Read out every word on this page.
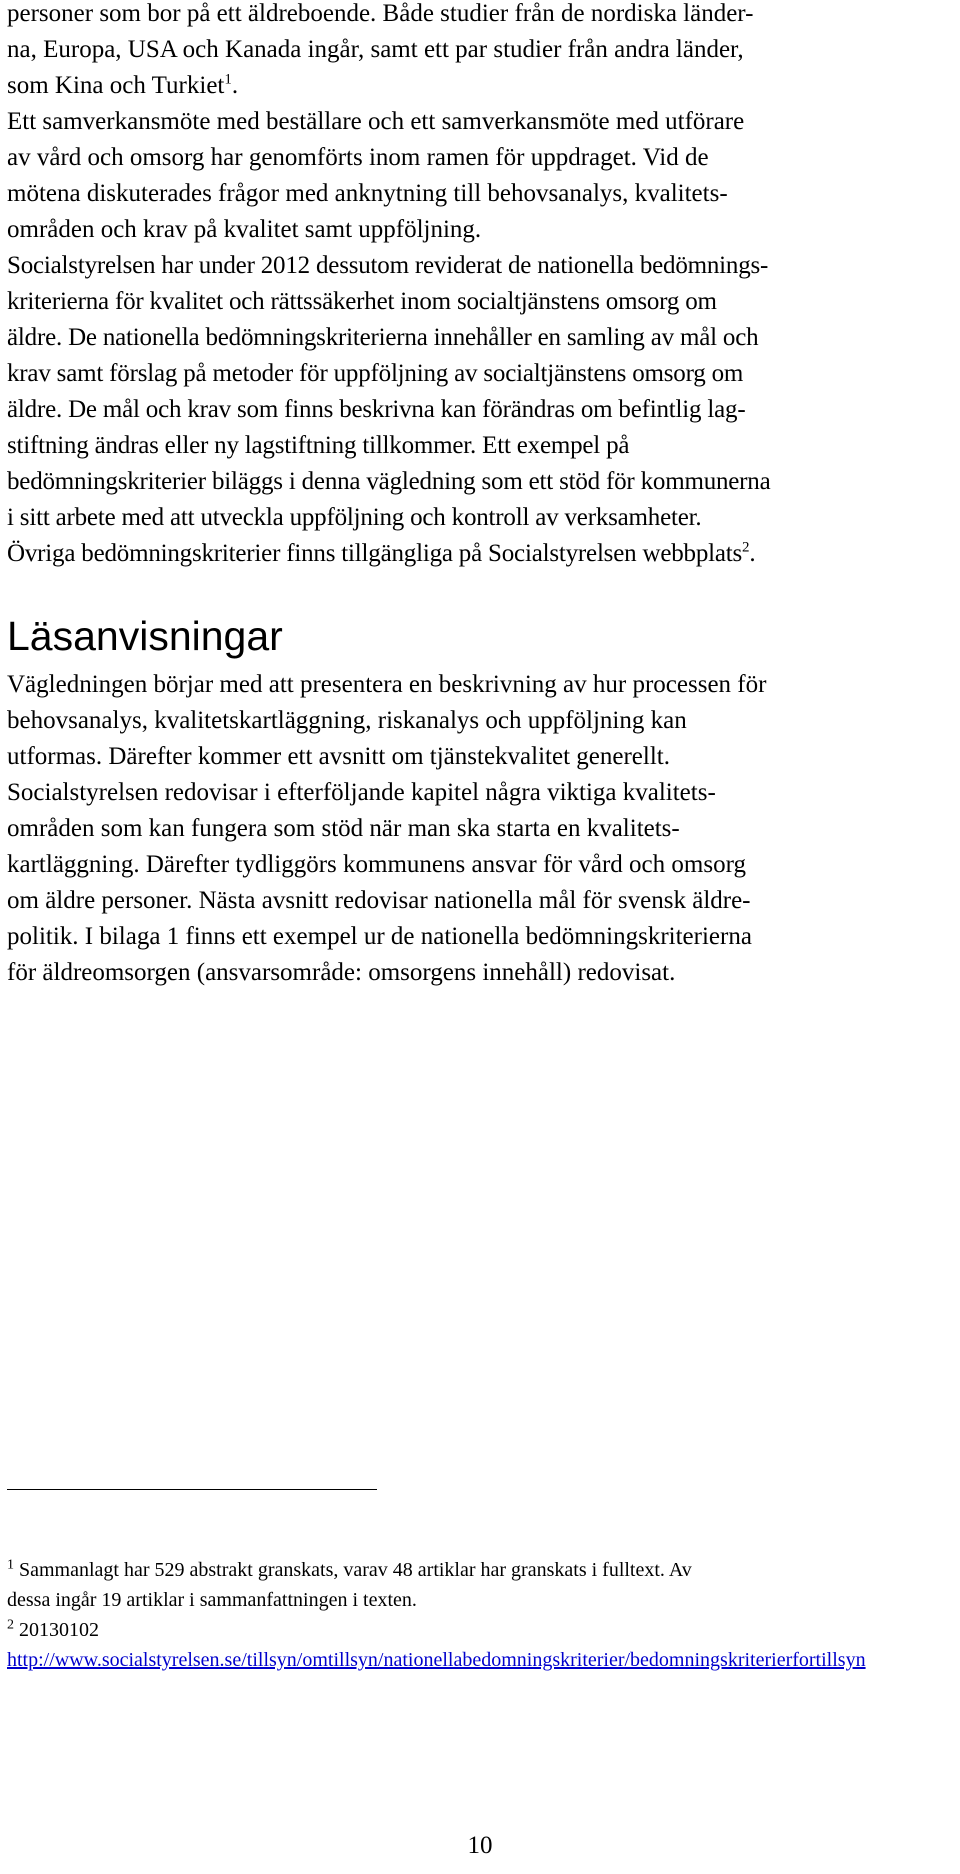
personer som bor på ett äldreboende. Både studier från de nordiska länder-
na, Europa, USA och Kanada ingår, samt ett par studier från andra länder,
som Kina och Turkiet$^1$.

Ett samverkansmöte med beställare och ett samverkansmöte med utförare
av vård och omsorg har genomförts inom ramen för uppdraget. Vid de
mötena diskuterades frågor med anknytning till behovsanalys, kvalitets-
områden och krav på kvalitet samt uppföljning.

Socialstyrelsen har under 2012 dessutom reviderat de nationella bedömnings-
kriterierna för kvalitet och rättssäkerhet inom socialtjänstens omsorg om
äldre. De nationella bedömningskriterierna innehåller en samling av mål och
krav samt förslag på metoder för uppföljning av socialtjänstens omsorg om
äldre. De mål och krav som finns beskrivna kan förändras om befintlig lag-
stiftning ändras eller ny lagstiftning tillkommer. Ett exempel på
bedömningskriterier biläggs i denna vägledning som ett stöd för kommunerna
i sitt arbete med att utveckla uppföljning och kontroll av verksamheter.
Övriga bedömningskriterier finns tillgängliga på Socialstyrelsen webbplats$^2$.

Läsanvisningar

Vägledningen börjar med att presentera en beskrivning av hur processen för
behovsanalys, kvalitetskartläggning, riskanalys och uppföljning kan
utformas. Därefter kommer ett avsnitt om tjänstekvalitet generellt.
Socialstyrelsen redovisar i efterföljande kapitel några viktiga kvalitets-
områden som kan fungera som stöd när man ska starta en kvalitets-
kartläggning. Därefter tydliggörs kommunens ansvar för vård och omsorg
om äldre personer. Nästa avsnitt redovisar nationella mål för svensk äldre-
politik. I bilaga 1 finns ett exempel ur de nationella bedömningskriterierna
för äldreomsorgen (ansvarsområde: omsorgens innehåll) redovisat.

$^1$ Sammanlagt har 529 abstrakt granskats, varav 48 artiklar har granskats i fulltext. Av
dessa ingår 19 artiklar i sammanfattningen i texten.

$^2$ 20130102
http://www.socialstyrelsen.se/tillsyn/omtillsyn/nationellabedomningskriterier/bedomningskriterierfortillsyn

10
